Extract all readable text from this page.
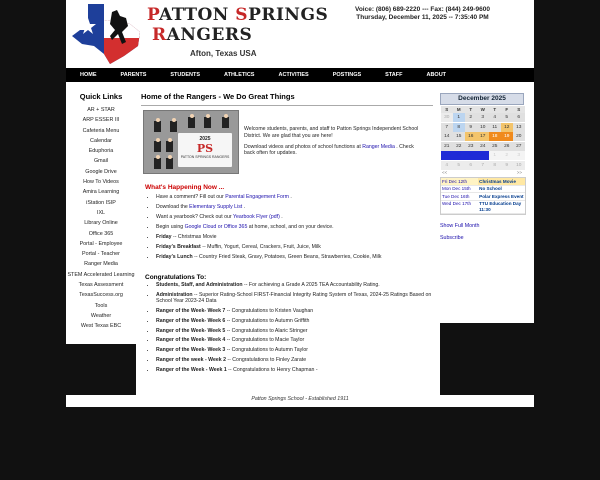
PATTON SPRINGS
RANGERS
Afton, Texas USA
Voice: (806) 689-2220 --- Fax: (844) 249-9600
Thursday, December 11, 2025 -- 7:35:40 PM
HOME	PARENTS	STUDENTS	ATHLETICS	ACTIVITIES	POSTINGS	STAFF	ABOUT
Quick Links
AR + STAR
ARP ESSER III
Cafeteria Menu
Calendar
Eduphoria
Gmail
Google Drive
How To Videos
Amira Learning
iStation ISIP
IXL
Library Online
Office 365
Portal - Employee
Portal - Teacher
Ranger Media
STEM Accelerated Learning
Texas Assessment
TexasSuccess.org
Tools
Weather
West Texas EBC
Home of the Rangers - We Do Great Things
2025
PS
PATTON SPRINGS RANGERS

Welcome students, parents, and staff to Patton Springs Independent School District. We are glad that you are here!

Download videos and photos of school functions at Ranger Media . Check back often for updates.

What's Happening Now ...
• Have a comment? Fill out our Parental Engagement Form .
• Download the Elementary Supply List .
• Want a yearbook? Check out our Yearbook Flyer (pdf) .
• Begin using Google Cloud or Office 365 at home, school, and on your device.
• Friday -- Christmas Movie
• Friday's Breakfast -- Muffin, Yogurt, Cereal, Crackers, Fruit, Juice, Milk
• Friday's Lunch -- Country Fried Steak, Gravy, Potatoes, Green Beans, Strawberries, Cookie, Milk
Congratulations To:
• Students, Staff, and Administration -- For achieving a Grade A 2025 TEA Accountability Rating.
• Administration -- Superior Rating-School FIRST-Financial Integrity Rating System of Texas, 2024-25 Ratings Based on School Year 2023-24 Data
• Ranger of the Week- Week 7 -- Congratulations to Kristen Vaughan
• Ranger of the Week- Week 6 -- Congratulations to Autumn Griffith
• Ranger of the Week- Week 5 -- Congratulations to Alaric Stringer
• Ranger of the Week- Week 4 -- Congratulations to Macie Taylor
• Ranger of the Week- Week 3 -- Congratulations to Autumn Taylor
• Ranger of the week - Week 2 -- Congratulations to Finley Zarate
• Ranger of the Week - Week 1 -- Congratulations to Henry Chapman -
December 2025
S	M	T	W	T	F	S
30	1	2	3	4	5	6
7	8	9	10	11	12	13
14	15	16	17	18	19	20
21	22	23	24	25	26	27
28	29	30	31	1	2	3
4	5	6	7	8	9	10
<<	>>
Fri Dec 12th	Christmas Movie
Mon Dec 15th	No School
Tue Dec 16th	Polar Express Event
Wed Dec 17th	TTU Education Day 11:30
Show Full Month
Subscribe
Patton Springs School - Established 1911
